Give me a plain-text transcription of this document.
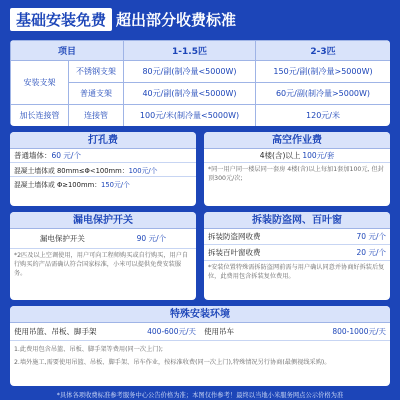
基础安装免费 超出部分收费标准
项目		1-1.5匹	2-3匹
安装支架	不锈钢支架	80元/副(制冷量<5000W)	150元/副(制冷量>5000W)
	普通支架	40元/副(制冷量<5000W)	60元/副(制冷量>5000W)
加长连接管	连接管	100元/米(制冷量<5000W)	120元/米
打孔费
普通墙体： 60 元/个
混凝土墙体或 80mm≤Φ<100mm： 100元/个
混凝土墙体或 Φ≥100mm： 150元/个
高空作业费
4楼(含)以上 100元/套
*同一用户同一楼层同一套房 4楼(含)以上每加1套加100元, 但封顶300元/次;
漏电保护开关
漏电保护开关	90 元/个
*2匹及以上空调使用，用户可向工程师购买或自行购买，用户自行购买的产品需确认符合国家标准，小米可以提供免费安装服务。
拆装防盗网、百叶窗
拆装防盗网收费	70 元/个
拆装百叶窗收费	20 元/个
*安装位置特殊需拆防盗网前需与用户确认同意并协商好拆装后复位，此费用包含拆装复位费用。
特殊安装环境
使用吊篮、吊板、脚手架	400-600元/天 使用吊车	800-1000元/天
1.此费用包含吊篮、吊板、脚手架等费用(同一次上门);
2.墙外施工,需要使用吊篮、吊板、脚手架、吊车作业，按标准收费(同一次上门),特殊情况另行协商(最侧视线采购)。
*具体各项收费标准参考服务中心公告价格为准；本图仅作参考！最终以当地小米服务网点公示价格为准
